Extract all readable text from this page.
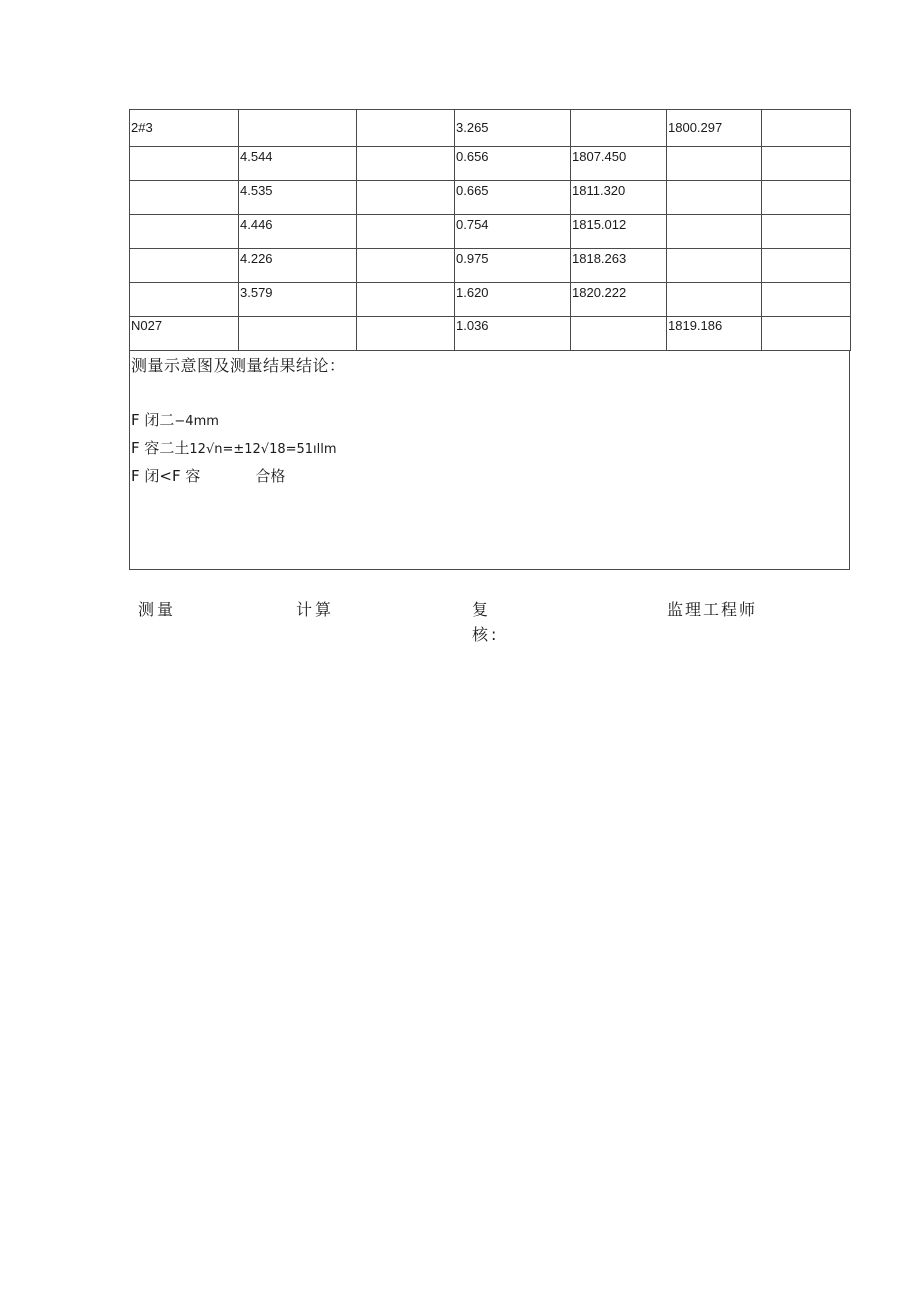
2#3			3.265		1800.297	

	4.544		0.656	1807.450		

	4.535		0.665	1811.320		

	4.446		0.754	1815.012		

	4.226		0.975	1818.263		

	3.579		1.620	1820.222		

N027			1.036		1819.186	

测量示意图及测量结果结论：
F 闭二−4mm
F 容二土12√n=±12√18=51ıllm
F 闭<F 容	合格
测量	计算	复核:
监理工程师
